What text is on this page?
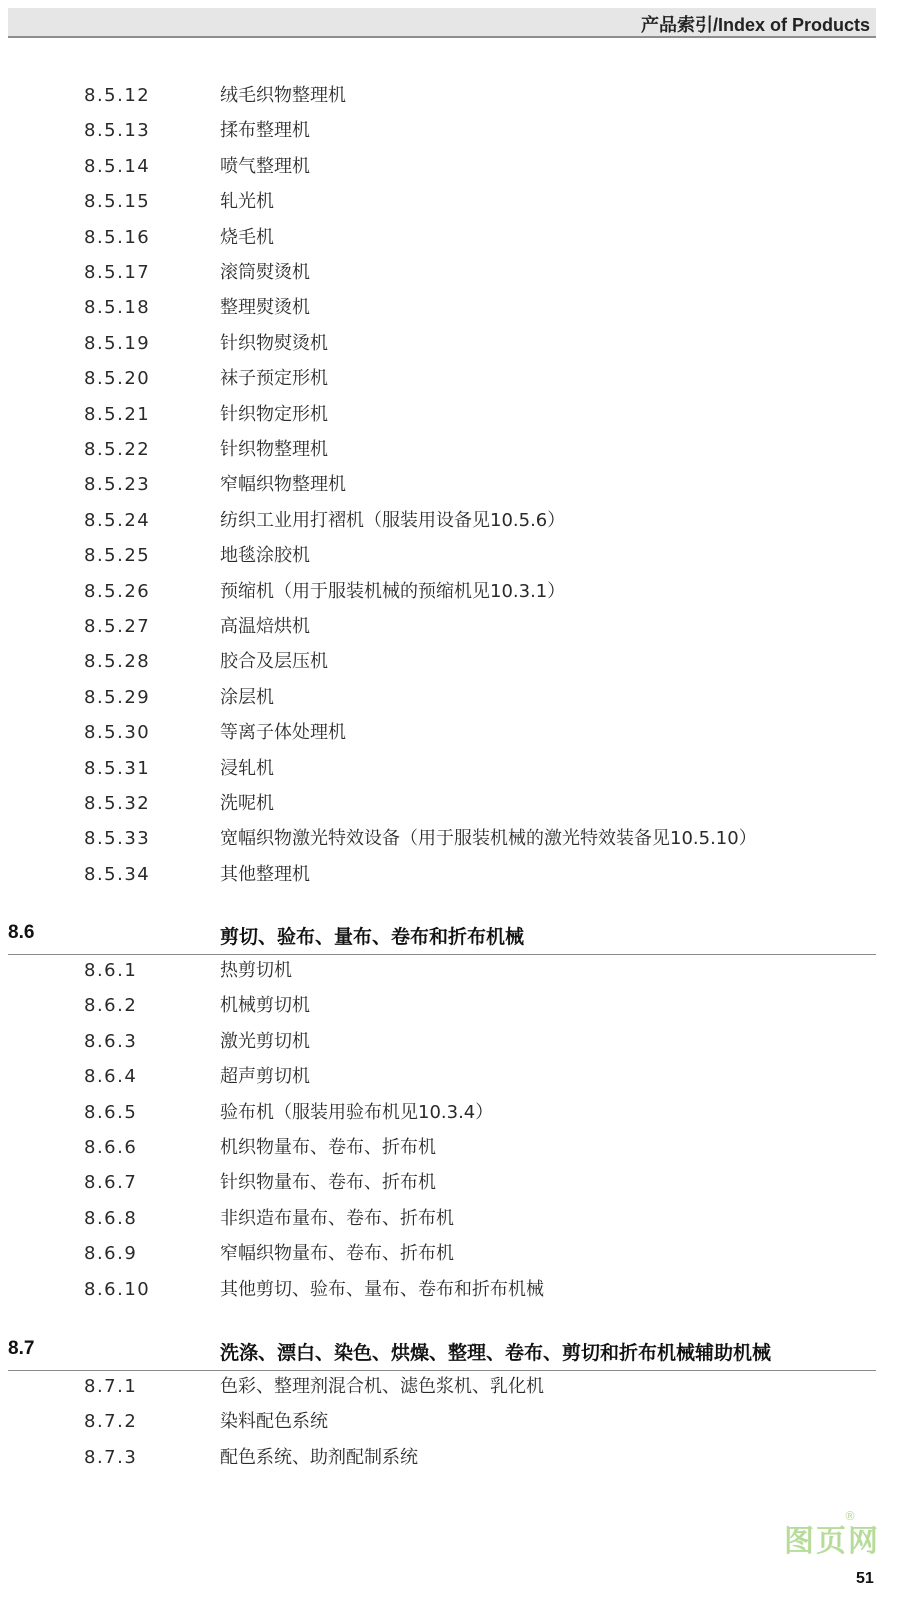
产品索引/Index of Products
8.5.12	绒毛织物整理机
8.5.13	揉布整理机
8.5.14	喷气整理机
8.5.15	轧光机
8.5.16	烧毛机
8.5.17	滚筒熨烫机
8.5.18	整理熨烫机
8.5.19	针织物熨烫机
8.5.20	袜子预定形机
8.5.21	针织物定形机
8.5.22	针织物整理机
8.5.23	窄幅织物整理机
8.5.24	纺织工业用打褶机（服装用设备见10.5.6）
8.5.25	地毯涂胶机
8.5.26	预缩机（用于服装机械的预缩机见10.3.1）
8.5.27	高温焙烘机
8.5.28	胶合及层压机
8.5.29	涂层机
8.5.30	等离子体处理机
8.5.31	浸轧机
8.5.32	洗呢机
8.5.33	宽幅织物激光特效设备（用于服装机械的激光特效装备见10.5.10）
8.5.34	其他整理机
8.6	剪切、验布、量布、卷布和折布机械
8.6.1	热剪切机
8.6.2	机械剪切机
8.6.3	激光剪切机
8.6.4	超声剪切机
8.6.5	验布机（服装用验布机见10.3.4）
8.6.6	机织物量布、卷布、折布机
8.6.7	针织物量布、卷布、折布机
8.6.8	非织造布量布、卷布、折布机
8.6.9	窄幅织物量布、卷布、折布机
8.6.10	其他剪切、验布、量布、卷布和折布机械
8.7	洗涤、漂白、染色、烘燥、整理、卷布、剪切和折布机械辅助机械
8.7.1	色彩、整理剂混合机、滤色浆机、乳化机
8.7.2	染料配色系统
8.7.3	配色系统、助剂配制系统
图页网
®
51
